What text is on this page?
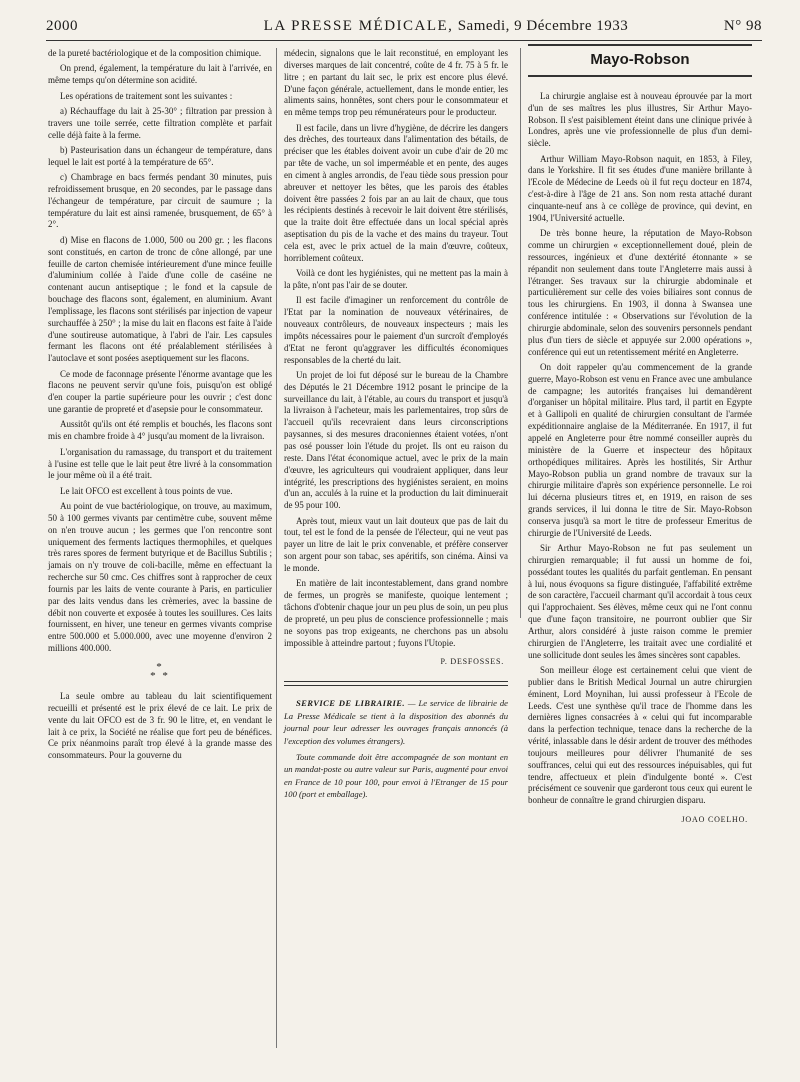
2000	LA PRESSE MÉDICALE, Samedi, 9 Décembre 1933	N° 98

de la pureté bactériologique et de la composition chimique.

On prend, également, la température du lait à l'arrivée, en même temps qu'on détermine son acidité.

Les opérations de traitement sont les suivantes :

a) Réchauffage du lait à 25-30° ; filtration par pression à travers une toile serrée, cette filtration complète et parfait celle déjà faite à la ferme.

b) Pasteurisation dans un échangeur de température, dans lequel le lait est porté à la température de 65°.

c) Chambrage en bacs fermés pendant 30 minutes, puis refroidissement brusque, en 20 secondes, par le passage dans l'échangeur de température, par circuit de saumure ; la température du lait est ainsi ramenée, brusquement, de 65° à 2°.

d) Mise en flacons de 1.000, 500 ou 200 gr. ; les flacons sont constitués, en carton de tronc de cône allongé, par une feuille de carton chemisée intérieurement d'une mince feuille d'aluminium collée à l'aide d'une colle de caséine ne contenant aucun antiseptique ; le fond et la capsule de bouchage des flacons sont, également, en aluminium. Avant l'emplissage, les flacons sont stérilisés par injection de vapeur surchauffée à 250° ; la mise du lait en flacons est faite à l'aide d'une soutireuse automatique, à l'abri de l'air. Les capsules fermant les flacons ont été préalablement stérilisées à l'autoclave et sont posées aseptiquement sur les flacons.

Ce mode de faconnage présente l'énorme avantage que les flacons ne peuvent servir qu'une fois, puisqu'on est obligé d'en couper la partie supérieure pour les ouvrir ; c'est donc une garantie de propreté et d'asepsie pour le consommateur.

Aussitôt qu'ils ont été remplis et bouchés, les flacons sont mis en chambre froide à 4° jusqu'au moment de la livraison.

L'organisation du ramassage, du transport et du traitement à l'usine est telle que le lait peut être livré à la consommation le jour même où il a été trait.

Le lait OFCO est excellent à tous points de vue.

Au point de vue bactériologique, on trouve, au maximum, 50 à 100 germes vivants par centimètre cube, souvent même on n'en trouve aucun ; les germes que l'on rencontre sont uniquement des ferments lactiques thermophiles, et quelques très rares spores de ferment butyrique et de Bacillus Subtilis ; jamais on n'y trouve de coli-bacille, même en effectuant la recherche sur 50 cmc. Ces chiffres sont à rapprocher de ceux fournis par les laits de vente courante à Paris, en particulier par des laits vendus dans les crèmeries, avec la bassine de débit non couverte et exposée à toutes les souillures. Ces laits fournissent, en hiver, une teneur en germes vivants comprise entre 500.000 et 5.000.000, avec une moyenne d'environ 2 millions 400.000.

*
* *

La seule ombre au tableau du lait scientifiquement recueilli et présenté est le prix élevé de ce lait. Le prix de vente du lait OFCO est de 3 fr. 90 le litre, et, en vendant le lait à ce prix, la Société ne réalise que fort peu de bénéfices. Ce prix néanmoins paraît trop élevé à la grande masse des consommateurs. Pour la gouverne du

médecin, signalons que le lait reconstitué, en employant les diverses marques de lait concentré, coûte de 4 fr. 75 à 5 fr. le litre ; en partant du lait sec, le prix est encore plus élevé. D'une façon générale, actuellement, dans le monde entier, les aliments sains, honnêtes, sont chers pour le consommateur et en même temps trop peu rémunérateurs pour le producteur.

Il est facile, dans un livre d'hygiène, de décrire les dangers des drèches, des tourteaux dans l'alimentation des bétails, de préciser que les étables doivent avoir un cube d'air de 20 mc par tête de vache, un sol imperméable et en pente, des auges en ciment à angles arrondis, de l'eau tiède sous pression pour abreuver et nettoyer les bêtes, que les parois des étables doivent être passées 2 fois par an au lait de chaux, que tous les récipients destinés à recevoir le lait doivent être stérilisés, que la traite doit être effectuée dans un local spécial après aseptisation du pis de la vache et des mains du trayeur. Tout cela est, avec le prix actuel de la main d'œuvre, coûteux, horriblement coûteux.

Voilà ce dont les hygiénistes, qui ne mettent pas la main à la pâte, n'ont pas l'air de se douter.

Il est facile d'imaginer un renforcement du contrôle de l'Etat par la nomination de nouveaux vétérinaires, de nouveaux contrôleurs, de nouveaux inspecteurs ; mais les impôts nécessaires pour le paiement d'un surcroît d'employés d'Etat ne feront qu'aggraver les difficultés économiques responsables de la cherté du lait.

Un projet de loi fut déposé sur le bureau de la Chambre des Députés le 21 Décembre 1912 posant le principe de la surveillance du lait, à l'étable, au cours du transport et jusqu'à la livraison à l'acheteur, mais les parlementaires, trop sûrs de l'accueil qu'ils recevraient dans leurs circonscriptions paysannes, si des mesures draconiennes étaient votées, n'ont pas osé pousser loin l'étude du projet. Ils ont eu raison du reste. Dans l'état économique actuel, avec le prix de la main d'œuvre, les agriculteurs qui voudraient appliquer, dans leur intégrité, les prescriptions des hygiénistes seraient, en moins d'un an, acculés à la ruine et la production du lait diminuerait de 95 pour 100.

Après tout, mieux vaut un lait douteux que pas de lait du tout, tel est le fond de la pensée de l'électeur, qui ne veut pas payer un litre de lait le prix convenable, et préfère conserver son argent pour son tabac, ses apéritifs, son cinéma. Ainsi va le monde.

En matière de lait incontestablement, dans grand nombre de fermes, un progrès se manifeste, quoique lentement ; tâchons d'obtenir chaque jour un peu plus de soin, un peu plus de propreté, un peu plus de conscience professionnelle ; mais ne soyons pas trop exigeants, ne cherchons pas un absolu impossible à atteindre partout ; fuyons l'Utopie.

P. DESFOSSES.

SERVICE DE LIBRAIRIE. — Le service de librairie de La Presse Médicale se tient à la disposition des abonnés du journal pour leur adresser les ouvrages français annoncés (à l'exception des volumes étrangers).

Toute commande doit être accompagnée de son montant en un mandat-poste ou autre valeur sur Paris, augmenté pour envoi en France de 10 pour 100, pour envoi à l'Etranger de 15 pour 100 (port et emballage).

Mayo-Robson

La chirurgie anglaise est à nouveau éprouvée par la mort d'un de ses maîtres les plus illustres, Sir Arthur Mayo-Robson. Il s'est paisiblement éteint dans une clinique privée à Londres, après une vie professionnelle de plus d'un demi-siècle.

Arthur William Mayo-Robson naquit, en 1853, à Filey, dans le Yorkshire. Il fit ses études d'une manière brillante à l'Ecole de Médecine de Leeds où il fut reçu docteur en 1874, c'est-à-dire à l'âge de 21 ans. Son nom resta attaché durant cinquante-neuf ans à ce collège de province, qui devint, en 1904, l'Université actuelle.

De très bonne heure, la réputation de Mayo-Robson comme un chirurgien « exceptionnellement doué, plein de ressources, ingénieux et d'une dextérité étonnante » se répandit non seulement dans toute l'Angleterre mais aussi à l'étranger. Ses travaux sur la chirurgie abdominale et particulièrement sur celle des voies biliaires sont connus de tous les chirurgiens. En 1903, il donna à Swansea une conférence intitulée : « Observations sur l'évolution de la chirurgie abdominale, selon des souvenirs personnels pendant plus d'un tiers de siècle et appuyée sur 2.000 opérations », conférence qui eut un retentissement mérité en Angleterre.

On doit rappeler qu'au commencement de la grande guerre, Mayo-Robson est venu en France avec une ambulance de campagne; les autorités françaises lui demandèrent d'organiser un hôpital militaire. Plus tard, il partit en Egypte et à Gallipoli en qualité de chirurgien consultant de l'armée expéditionnaire anglaise de la Méditerranée. En 1917, il fut appelé en Angleterre pour être nommé conseiller auprès du ministère de la Guerre et inspecteur des hôpitaux orthopédiques militaires. Après les hostilités, Sir Arthur Mayo-Robson publia un grand nombre de travaux sur la chirurgie militaire d'après son expérience personnelle. Le roi lui décerna plusieurs titres et, en 1919, en raison de ses grands services, il lui donna le titre de Sir. Mayo-Robson conserva jusqu'à sa mort le titre de professeur Emeritus de chirurgie de l'Université de Leeds.

Sir Arthur Mayo-Robson ne fut pas seulement un chirurgien remarquable; il fut aussi un homme de foi, possédant toutes les qualités du parfait gentleman. En pensant à lui, nous évoquons sa figure distinguée, l'affabilité extrême de son caractère, l'accueil charmant qu'il accordait à tous ceux qui l'approchaient. Ses élèves, même ceux qui ne l'ont connu que d'une façon transitoire, ne pourront oublier que Sir Arthur, alors considéré à juste raison comme le premier chirurgien de l'Angleterre, les traitait avec une cordialité et une sollicitude dont seules les âmes sincères sont capables.

Son meilleur éloge est certainement celui que vient de publier dans le British Medical Journal un autre chirurgien éminent, Lord Moynihan, lui aussi professeur à l'Ecole de Leeds. C'est une synthèse qu'il trace de l'homme dans les dernières lignes consacrées à « celui qui fut incomparable dans la perfection technique, tenace dans la recherche de la vérité, inlassable dans le désir ardent de trouver des méthodes toujours meilleures pour délivrer l'humanité de ses souffrances, celui qui eut des ressources inépuisables, qui fut tendre, affectueux et plein d'indulgente bonté ». C'est précisément ce souvenir que garderont tous ceux qui eurent le bonheur de connaître le grand chirurgien disparu.

JOAO COELHO.
